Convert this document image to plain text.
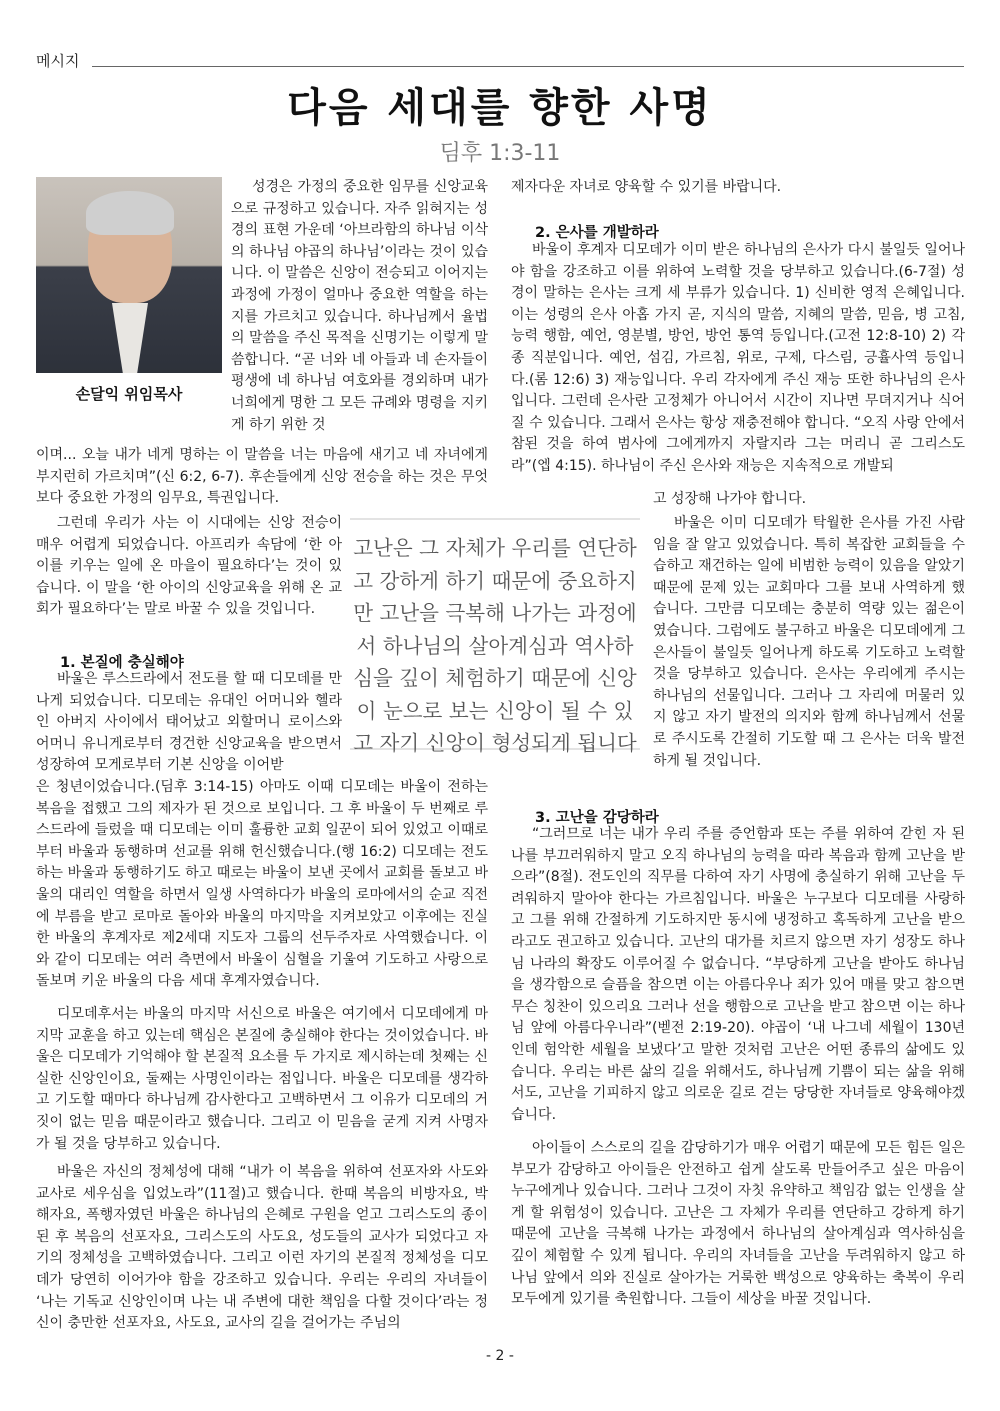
메시지
다음 세대를 향한 사명
딤후 1:3-11
손달익 위임목사

성경은 가정의 중요한 임무를 신앙교육으로 규정하고 있습니다. 자주 읽혀지는 성경의 표현 가운데 ‘아브라함의 하나님 이삭의 하나님 야곱의 하나님’이라는 것이 있습니다. 이 말씀은 신앙이 전승되고 이어지는 과정에 가정이 얼마나 중요한 역할을 하는지를 가르치고 있습니다. 하나님께서 율법의 말씀을 주신 목적을 신명기는 이렇게 말씀합니다. “곧 너와 네 아들과 네 손자들이 평생에 네 하나님 여호와를 경외하며 내가 너희에게 명한 그 모든 규례와 명령을 지키게 하기 위한 것

이며... 오늘 내가 네게 명하는 이 말씀을 너는 마음에 새기고 네 자녀에게 부지런히 가르치며”(신 6:2, 6-7). 후손들에게 신앙 전승을 하는 것은 무엇보다 중요한 가정의 임무요, 특권입니다.

그런데 우리가 사는 이 시대에는 신앙 전승이 매우 어렵게 되었습니다. 아프리카 속담에 ‘한 아이를 키우는 일에 온 마을이 필요하다’는 것이 있습니다. 이 말을 ‘한 아이의 신앙교육을 위해 온 교회가 필요하다’는 말로 바꿀 수 있을 것입니다.

1. 본질에 충실해야

바울은 루스드라에서 전도를 할 때 디모데를 만나게 되었습니다. 디모데는 유대인 어머니와 헬라인 아버지 사이에서 태어났고 외할머니 로이스와 어머니 유니게로부터 경건한 신앙교육을 받으면서 성장하여 모게로부터 기본 신앙을 이어받

은 청년이었습니다.(딤후 3:14-15) 아마도 이때 디모데는 바울이 전하는 복음을 접했고 그의 제자가 된 것으로 보입니다. 그 후 바울이 두 번째로 루스드라에 들렀을 때 디모데는 이미 훌륭한 교회 일꾼이 되어 있었고 이때로부터 바울과 동행하며 선교를 위해 헌신했습니다.(행 16:2) 디모데는 전도하는 바울과 동행하기도 하고 때로는 바울이 보낸 곳에서 교회를 돌보고 바울의 대리인 역할을 하면서 일생 사역하다가 바울의 로마에서의 순교 직전에 부름을 받고 로마로 돌아와 바울의 마지막을 지켜보았고 이후에는 진실한 바울의 후계자로 제2세대 지도자 그룹의 선두주자로 사역했습니다. 이와 같이 디모데는 여러 측면에서 바울이 심혈을 기울여 기도하고 사랑으로 돌보며 키운 바울의 다음 세대 후계자였습니다.

디모데후서는 바울의 마지막 서신으로 바울은 여기에서 디모데에게 마지막 교훈을 하고 있는데 핵심은 본질에 충실해야 한다는 것이었습니다. 바울은 디모데가 기억해야 할 본질적 요소를 두 가지로 제시하는데 첫째는 신실한 신앙인이요, 둘째는 사명인이라는 점입니다. 바울은 디모데를 생각하고 기도할 때마다 하나님께 감사한다고 고백하면서 그 이유가 디모데의 거짓이 없는 믿음 때문이라고 했습니다. 그리고 이 믿음을 굳게 지켜 사명자가 될 것을 당부하고 있습니다.

바울은 자신의 정체성에 대해 “내가 이 복음을 위하여 선포자와 사도와 교사로 세우심을 입었노라”(11절)고 했습니다. 한때 복음의 비방자요, 박해자요, 폭행자였던 바울은 하나님의 은혜로 구원을 얻고 그리스도의 종이 된 후 복음의 선포자요, 그리스도의 사도요, 성도들의 교사가 되었다고 자기의 정체성을 고백하였습니다. 그리고 이런 자기의 본질적 정체성을 디모데가 당연히 이어가야 함을 강조하고 있습니다. 우리는 우리의 자녀들이 ‘나는 기독교 신앙인이며 나는 내 주변에 대한 책임을 다할 것이다’라는 정신이 충만한 선포자요, 사도요, 교사의 길을 걸어가는 주님의

제자다운 자녀로 양육할 수 있기를 바랍니다.

2. 은사를 개발하라

바울이 후계자 디모데가 이미 받은 하나님의 은사가 다시 불일듯 일어나야 함을 강조하고 이를 위하여 노력할 것을 당부하고 있습니다.(6-7절) 성경이 말하는 은사는 크게 세 부류가 있습니다. 1) 신비한 영적 은혜입니다. 이는 성령의 은사 아홉 가지 곧, 지식의 말씀, 지혜의 말씀, 믿음, 병 고침, 능력 행함, 예언, 영분별, 방언, 방언 통역 등입니다.(고전 12:8-10) 2) 각종 직분입니다. 예언, 섬김, 가르침, 위로, 구제, 다스림, 긍휼사역 등입니다.(롬 12:6) 3) 재능입니다. 우리 각자에게 주신 재능 또한 하나님의 은사입니다. 그런데 은사란 고정체가 아니어서 시간이 지나면 무뎌지거나 식어질 수 있습니다. 그래서 은사는 항상 재충전해야 합니다. “오직 사랑 안에서 참된 것을 하여 범사에 그에게까지 자랄지라 그는 머리니 곧 그리스도라”(엡 4:15). 하나님이 주신 은사와 재능은 지속적으로 개발되

고 성장해 나가야 합니다.

바울은 이미 디모데가 탁월한 은사를 가진 사람임을 잘 알고 있었습니다. 특히 복잡한 교회들을 수습하고 재건하는 일에 비범한 능력이 있음을 알았기 때문에 문제 있는 교회마다 그를 보내 사역하게 했습니다. 그만큼 디모데는 충분히 역량 있는 젊은이였습니다. 그럼에도 불구하고 바울은 디모데에게 그 은사들이 불일듯 일어나게 하도록 기도하고 노력할 것을 당부하고 있습니다. 은사는 우리에게 주시는 하나님의 선물입니다. 그러나 그 자리에 머물러 있지 않고 자기 발전의 의지와 함께 하나님께서 선물로 주시도록 간절히 기도할 때 그 은사는 더욱 발전하게 될 것입니다.

3. 고난을 감당하라

“그러므로 너는 내가 우리 주를 증언함과 또는 주를 위하여 갇힌 자 된 나를 부끄러워하지 말고 오직 하나님의 능력을 따라 복음과 함께 고난을 받으라”(8절). 전도인의 직무를 다하여 자기 사명에 충실하기 위해 고난을 두려워하지 말아야 한다는 가르침입니다. 바울은 누구보다 디모데를 사랑하고 그를 위해 간절하게 기도하지만 동시에 냉정하고 혹독하게 고난을 받으라고도 권고하고 있습니다. 고난의 대가를 치르지 않으면 자기 성장도 하나님 나라의 확장도 이루어질 수 없습니다. “부당하게 고난을 받아도 하나님을 생각함으로 슬픔을 참으면 이는 아름다우나 죄가 있어 매를 맞고 참으면 무슨 칭찬이 있으리요 그러나 선을 행함으로 고난을 받고 참으면 이는 하나님 앞에 아름다우니라”(벧전 2:19-20). 야곱이 ‘내 나그네 세월이 130년인데 험악한 세월을 보냈다’고 말한 것처럼 고난은 어떤 종류의 삶에도 있습니다. 우리는 바른 삶의 길을 위해서도, 하나님께 기쁨이 되는 삶을 위해서도, 고난을 기피하지 않고 의로운 길로 걷는 당당한 자녀들로 양육해야겠습니다.

아이들이 스스로의 길을 감당하기가 매우 어렵기 때문에 모든 힘든 일은 부모가 감당하고 아이들은 안전하고 쉽게 살도록 만들어주고 싶은 마음이 누구에게나 있습니다. 그러나 그것이 자칫 유약하고 책임감 없는 인생을 살게 할 위험성이 있습니다. 고난은 그 자체가 우리를 연단하고 강하게 하기 때문에 고난을 극복해 나가는 과정에서 하나님의 살아계심과 역사하심을 깊이 체험할 수 있게 됩니다. 우리의 자녀들을 고난을 두려워하지 않고 하나님 앞에서 의와 진실로 살아가는 거룩한 백성으로 양육하는 축복이 우리 모두에게 있기를 축원합니다. 그들이 세상을 바꿀 것입니다.

고난은 그 자체가 우리를 연단하고 강하게 하기 때문에 중요하지만 고난을 극복해 나가는 과정에서 하나님의 살아계심과 역사하심을 깊이 체험하기 때문에 신앙이 눈으로 보는 신앙이 될 수 있고 자기 신앙이 형성되게 됩니다
- 2 -
